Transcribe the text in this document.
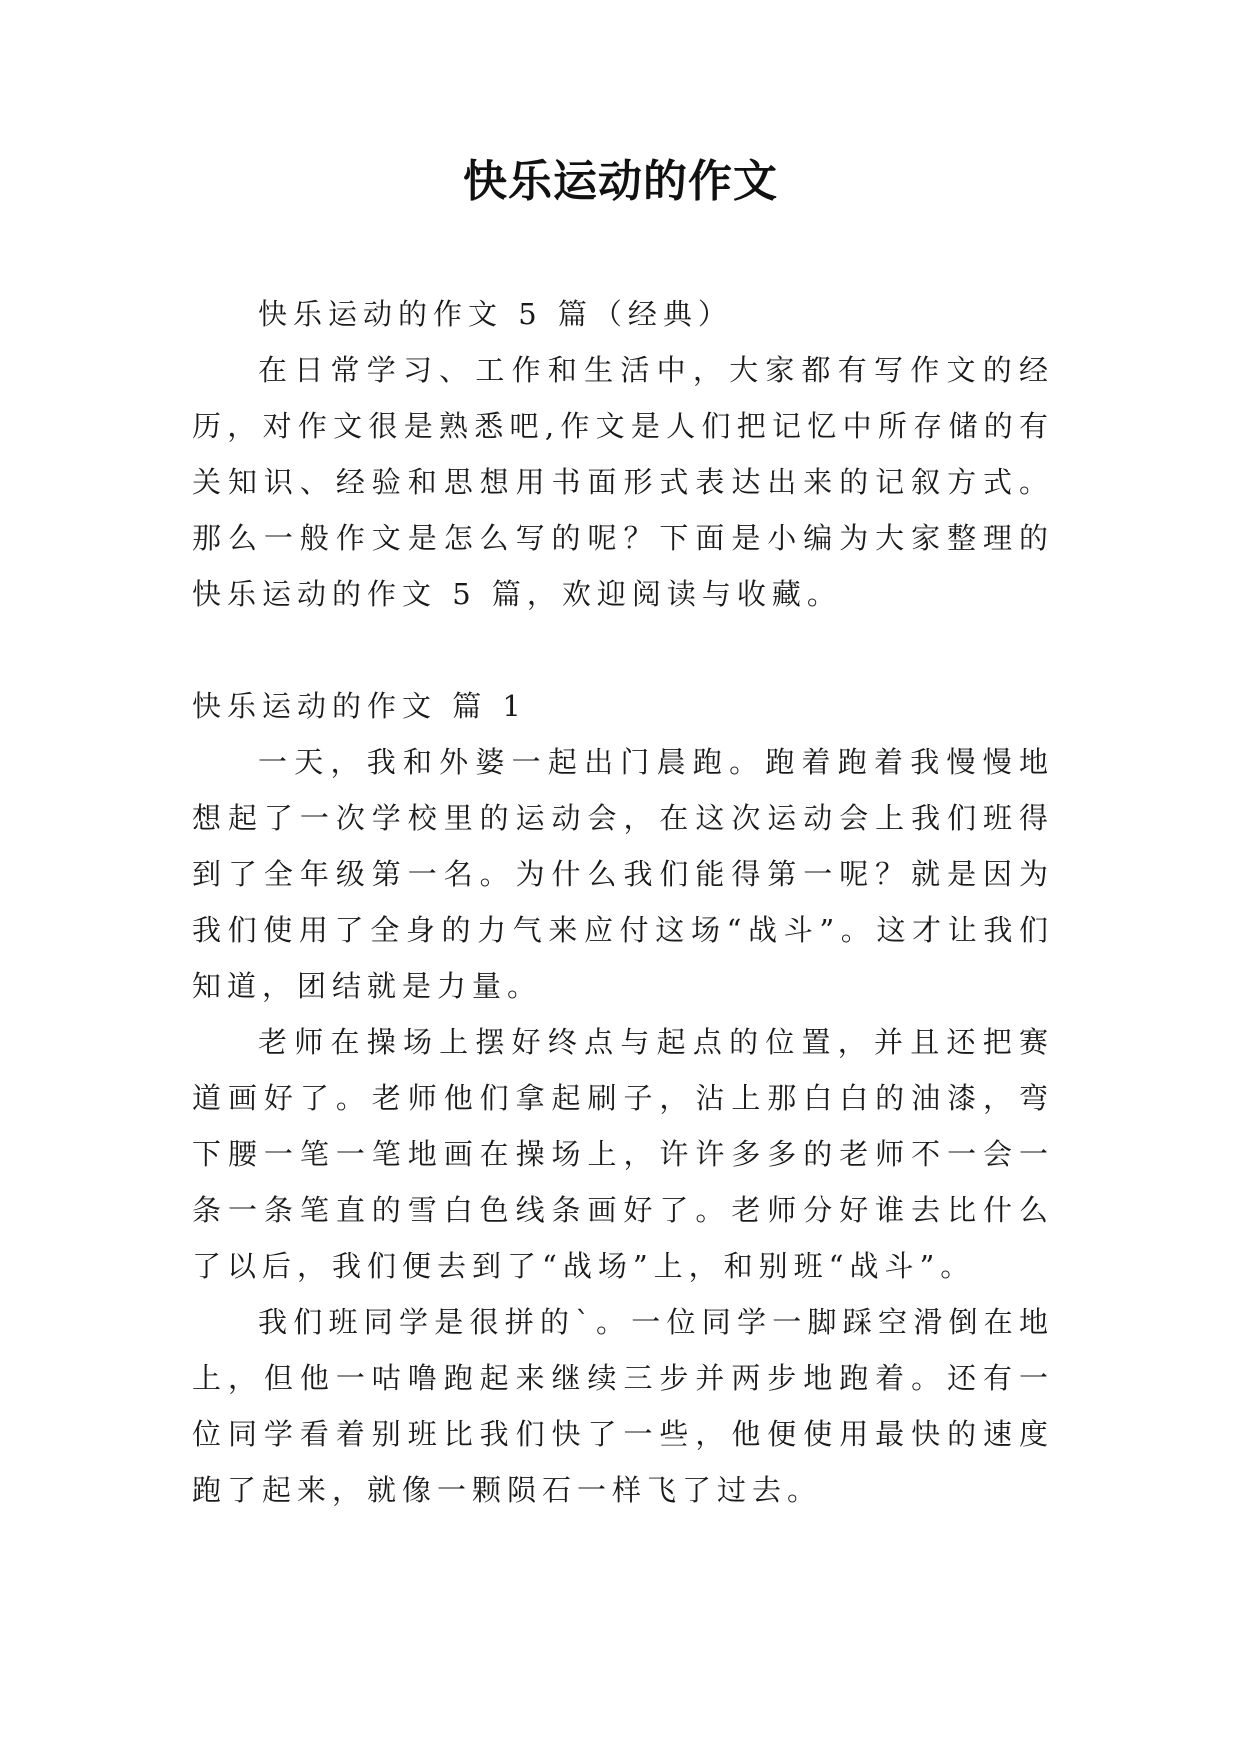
快乐运动的作文

快乐运动的作文 5 篇（经典）

在日常学习、工作和生活中，大家都有写作文的经历，对作文很是熟悉吧,作文是人们把记忆中所存储的有关知识、经验和思想用书面形式表达出来的记叙方式。那么一般作文是怎么写的呢？下面是小编为大家整理的快乐运动的作文 5 篇，欢迎阅读与收藏。

快乐运动的作文 篇 1

一天，我和外婆一起出门晨跑。跑着跑着我慢慢地想起了一次学校里的运动会，在这次运动会上我们班得到了全年级第一名。为什么我们能得第一呢？就是因为我们使用了全身的力气来应付这场“战斗”。这才让我们知道，团结就是力量。

老师在操场上摆好终点与起点的位置，并且还把赛道画好了。老师他们拿起刷子，沾上那白白的油漆，弯下腰一笔一笔地画在操场上，许许多多的老师不一会一条一条笔直的雪白色线条画好了。老师分好谁去比什么了以后，我们便去到了“战场”上，和别班“战斗”。

我们班同学是很拼的`。一位同学一脚踩空滑倒在地上，但他一咕噜跑起来继续三步并两步地跑着。还有一位同学看着别班比我们快了一些，他便使用最快的速度跑了起来，就像一颗陨石一样飞了过去。
